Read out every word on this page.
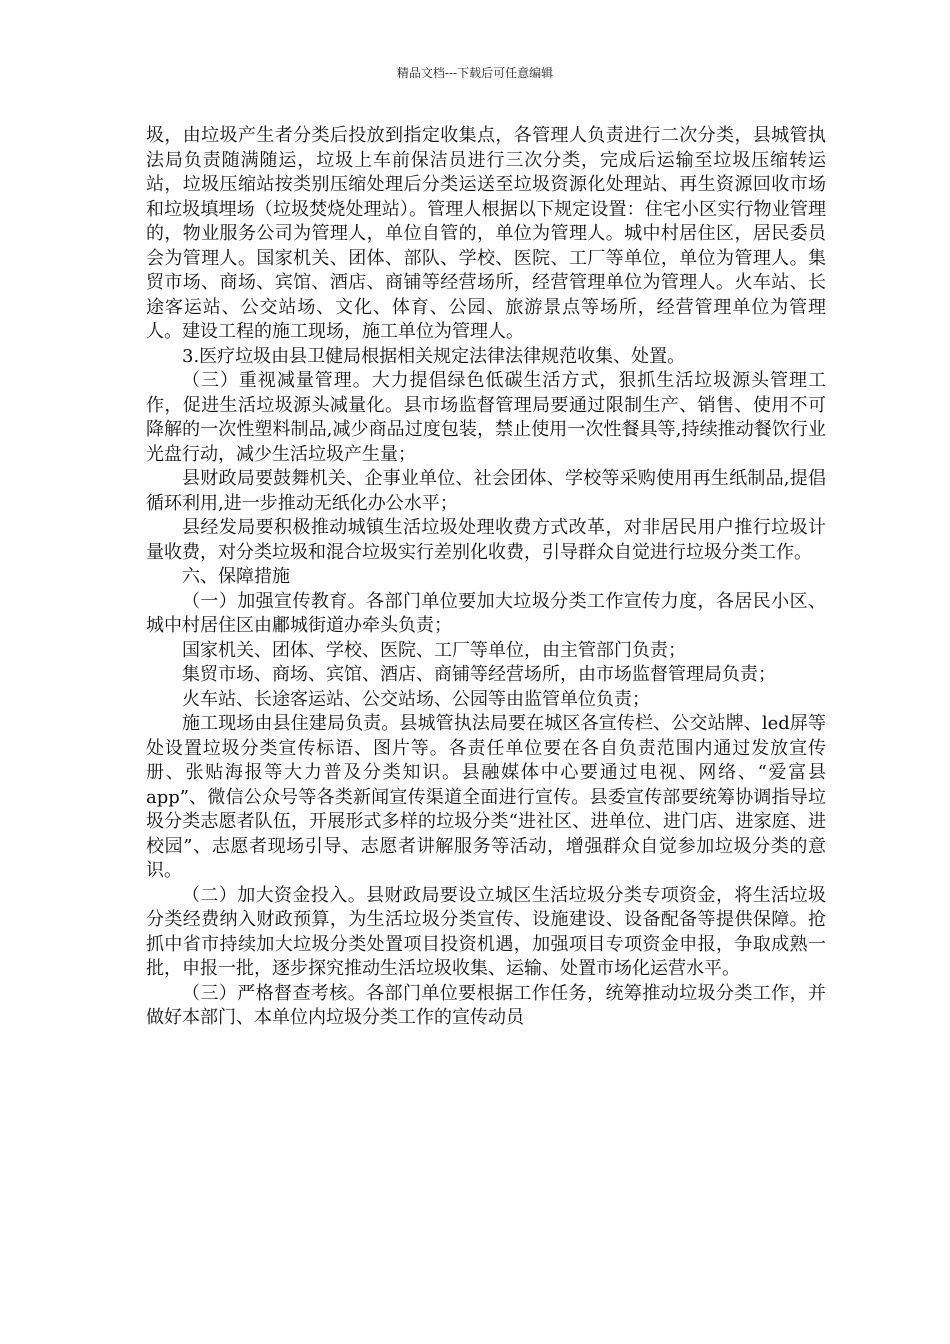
精品文档---下载后可任意编辑

圾，由垃圾产生者分类后投放到指定收集点，各管理人负责进行二次分类，县城管执法局负责随满随运，垃圾上车前保洁员进行三次分类，完成后运输至垃圾压缩转运站，垃圾压缩站按类别压缩处理后分类运送至垃圾资源化处理站、再生资源回收市场和垃圾填埋场（垃圾焚烧处理站）。管理人根据以下规定设置：住宅小区实行物业管理的，物业服务公司为管理人，单位自管的，单位为管理人。城中村居住区，居民委员会为管理人。国家机关、团体、部队、学校、医院、工厂等单位，单位为管理人。集贸市场、商场、宾馆、酒店、商铺等经营场所，经营管理单位为管理人。火车站、长途客运站、公交站场、文化、体育、公园、旅游景点等场所，经营管理单位为管理人。建设工程的施工现场，施工单位为管理人。

3.医疗垃圾由县卫健局根据相关规定法律法律规范收集、处置。

（三）重视减量管理。大力提倡绿色低碳生活方式，狠抓生活垃圾源头管理工作，促进生活垃圾源头减量化。县市场监督管理局要通过限制生产、销售、使用不可降解的一次性塑料制品,减少商品过度包装，禁止使用一次性餐具等,持续推动餐饮行业光盘行动，减少生活垃圾产生量；

县财政局要鼓舞机关、企事业单位、社会团体、学校等采购使用再生纸制品,提倡循环利用,进一步推动无纸化办公水平；

县经发局要积极推动城镇生活垃圾处理收费方式改革，对非居民用户推行垃圾计量收费，对分类垃圾和混合垃圾实行差别化收费，引导群众自觉进行垃圾分类工作。

六、保障措施

（一）加强宣传教育。各部门单位要加大垃圾分类工作宣传力度，各居民小区、城中村居住区由鄘城街道办牵头负责；

国家机关、团体、学校、医院、工厂等单位，由主管部门负责；

集贸市场、商场、宾馆、酒店、商铺等经营场所，由市场监督管理局负责；

火车站、长途客运站、公交站场、公园等由监管单位负责；

施工现场由县住建局负责。县城管执法局要在城区各宣传栏、公交站牌、led屏等处设置垃圾分类宣传标语、图片等。各责任单位要在各自负责范围内通过发放宣传册、张贴海报等大力普及分类知识。县融媒体中心要通过电视、网络、“爱富县app”、微信公众号等各类新闻宣传渠道全面进行宣传。县委宣传部要统筹协调指导垃圾分类志愿者队伍，开展形式多样的垃圾分类“进社区、进单位、进门店、进家庭、进校园”、志愿者现场引导、志愿者讲解服务等活动，增强群众自觉参加垃圾分类的意识。

（二）加大资金投入。县财政局要设立城区生活垃圾分类专项资金，将生活垃圾分类经费纳入财政预算，为生活垃圾分类宣传、设施建设、设备配备等提供保障。抢抓中省市持续加大垃圾分类处置项目投资机遇，加强项目专项资金申报，争取成熟一批，申报一批，逐步探究推动生活垃圾收集、运输、处置市场化运营水平。

（三）严格督查考核。各部门单位要根据工作任务，统筹推动垃圾分类工作，并做好本部门、本单位内垃圾分类工作的宣传动员
